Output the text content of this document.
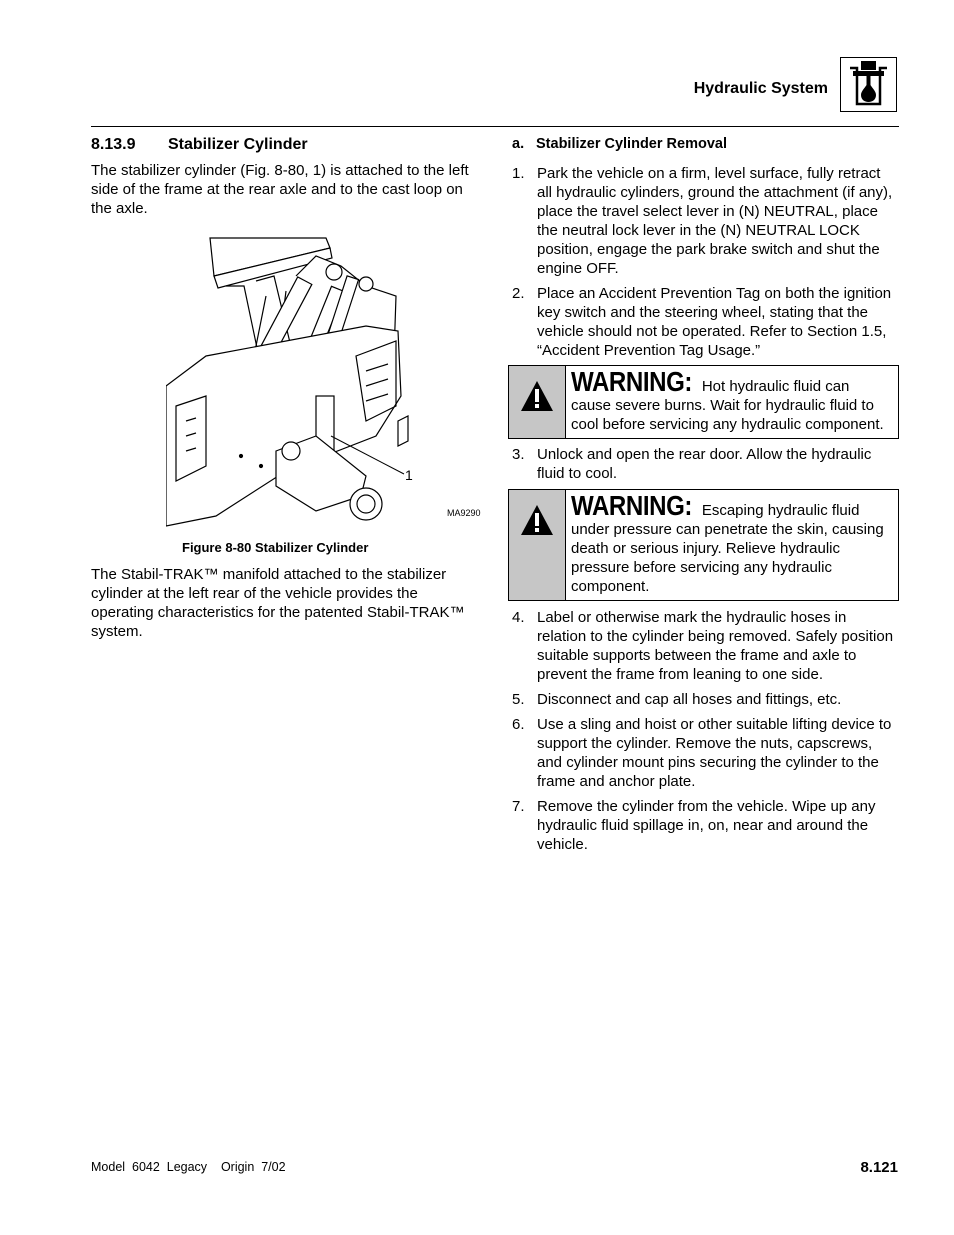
Hydraulic System
8.13.9 Stabilizer Cylinder
The stabilizer cylinder (Fig. 8-80, 1) is attached to the left side of the frame at the rear axle and to the cast loop on the axle.
1
MA9290
Figure 8-80 Stabilizer Cylinder
The Stabil-TRAK™ manifold attached to the stabilizer cylinder at the left rear of the vehicle provides the operating characteristics for the patented Stabil-TRAK™ system.
a. Stabilizer Cylinder Removal
1. Park the vehicle on a firm, level surface, fully retract all hydraulic cylinders, ground the attachment (if any), place the travel select lever in (N) NEUTRAL, place the neutral lock lever in the (N) NEUTRAL LOCK position, engage the park brake switch and shut the engine OFF.
2. Place an Accident Prevention Tag on both the ignition key switch and the steering wheel, stating that the vehicle should not be operated. Refer to Section 1.5, “Accident Prevention Tag Usage.”
WARNING: Hot hydraulic fluid can cause severe burns. Wait for hydraulic fluid to cool before servicing any hydraulic component.
3. Unlock and open the rear door. Allow the hydraulic fluid to cool.
WARNING: Escaping hydraulic fluid under pressure can penetrate the skin, causing death or serious injury. Relieve hydraulic pressure before servicing any hydraulic component.
4. Label or otherwise mark the hydraulic hoses in relation to the cylinder being removed. Safely position suitable supports between the frame and axle to prevent the frame from leaning to one side.
5. Disconnect and cap all hoses and fittings, etc.
6. Use a sling and hoist or other suitable lifting device to support the cylinder. Remove the nuts, capscrews, and cylinder mount pins securing the cylinder to the frame and anchor plate.
7. Remove the cylinder from the vehicle. Wipe up any hydraulic fluid spillage in, on, near and around the vehicle.
Model  6042  Legacy    Origin  7/02	8.121
